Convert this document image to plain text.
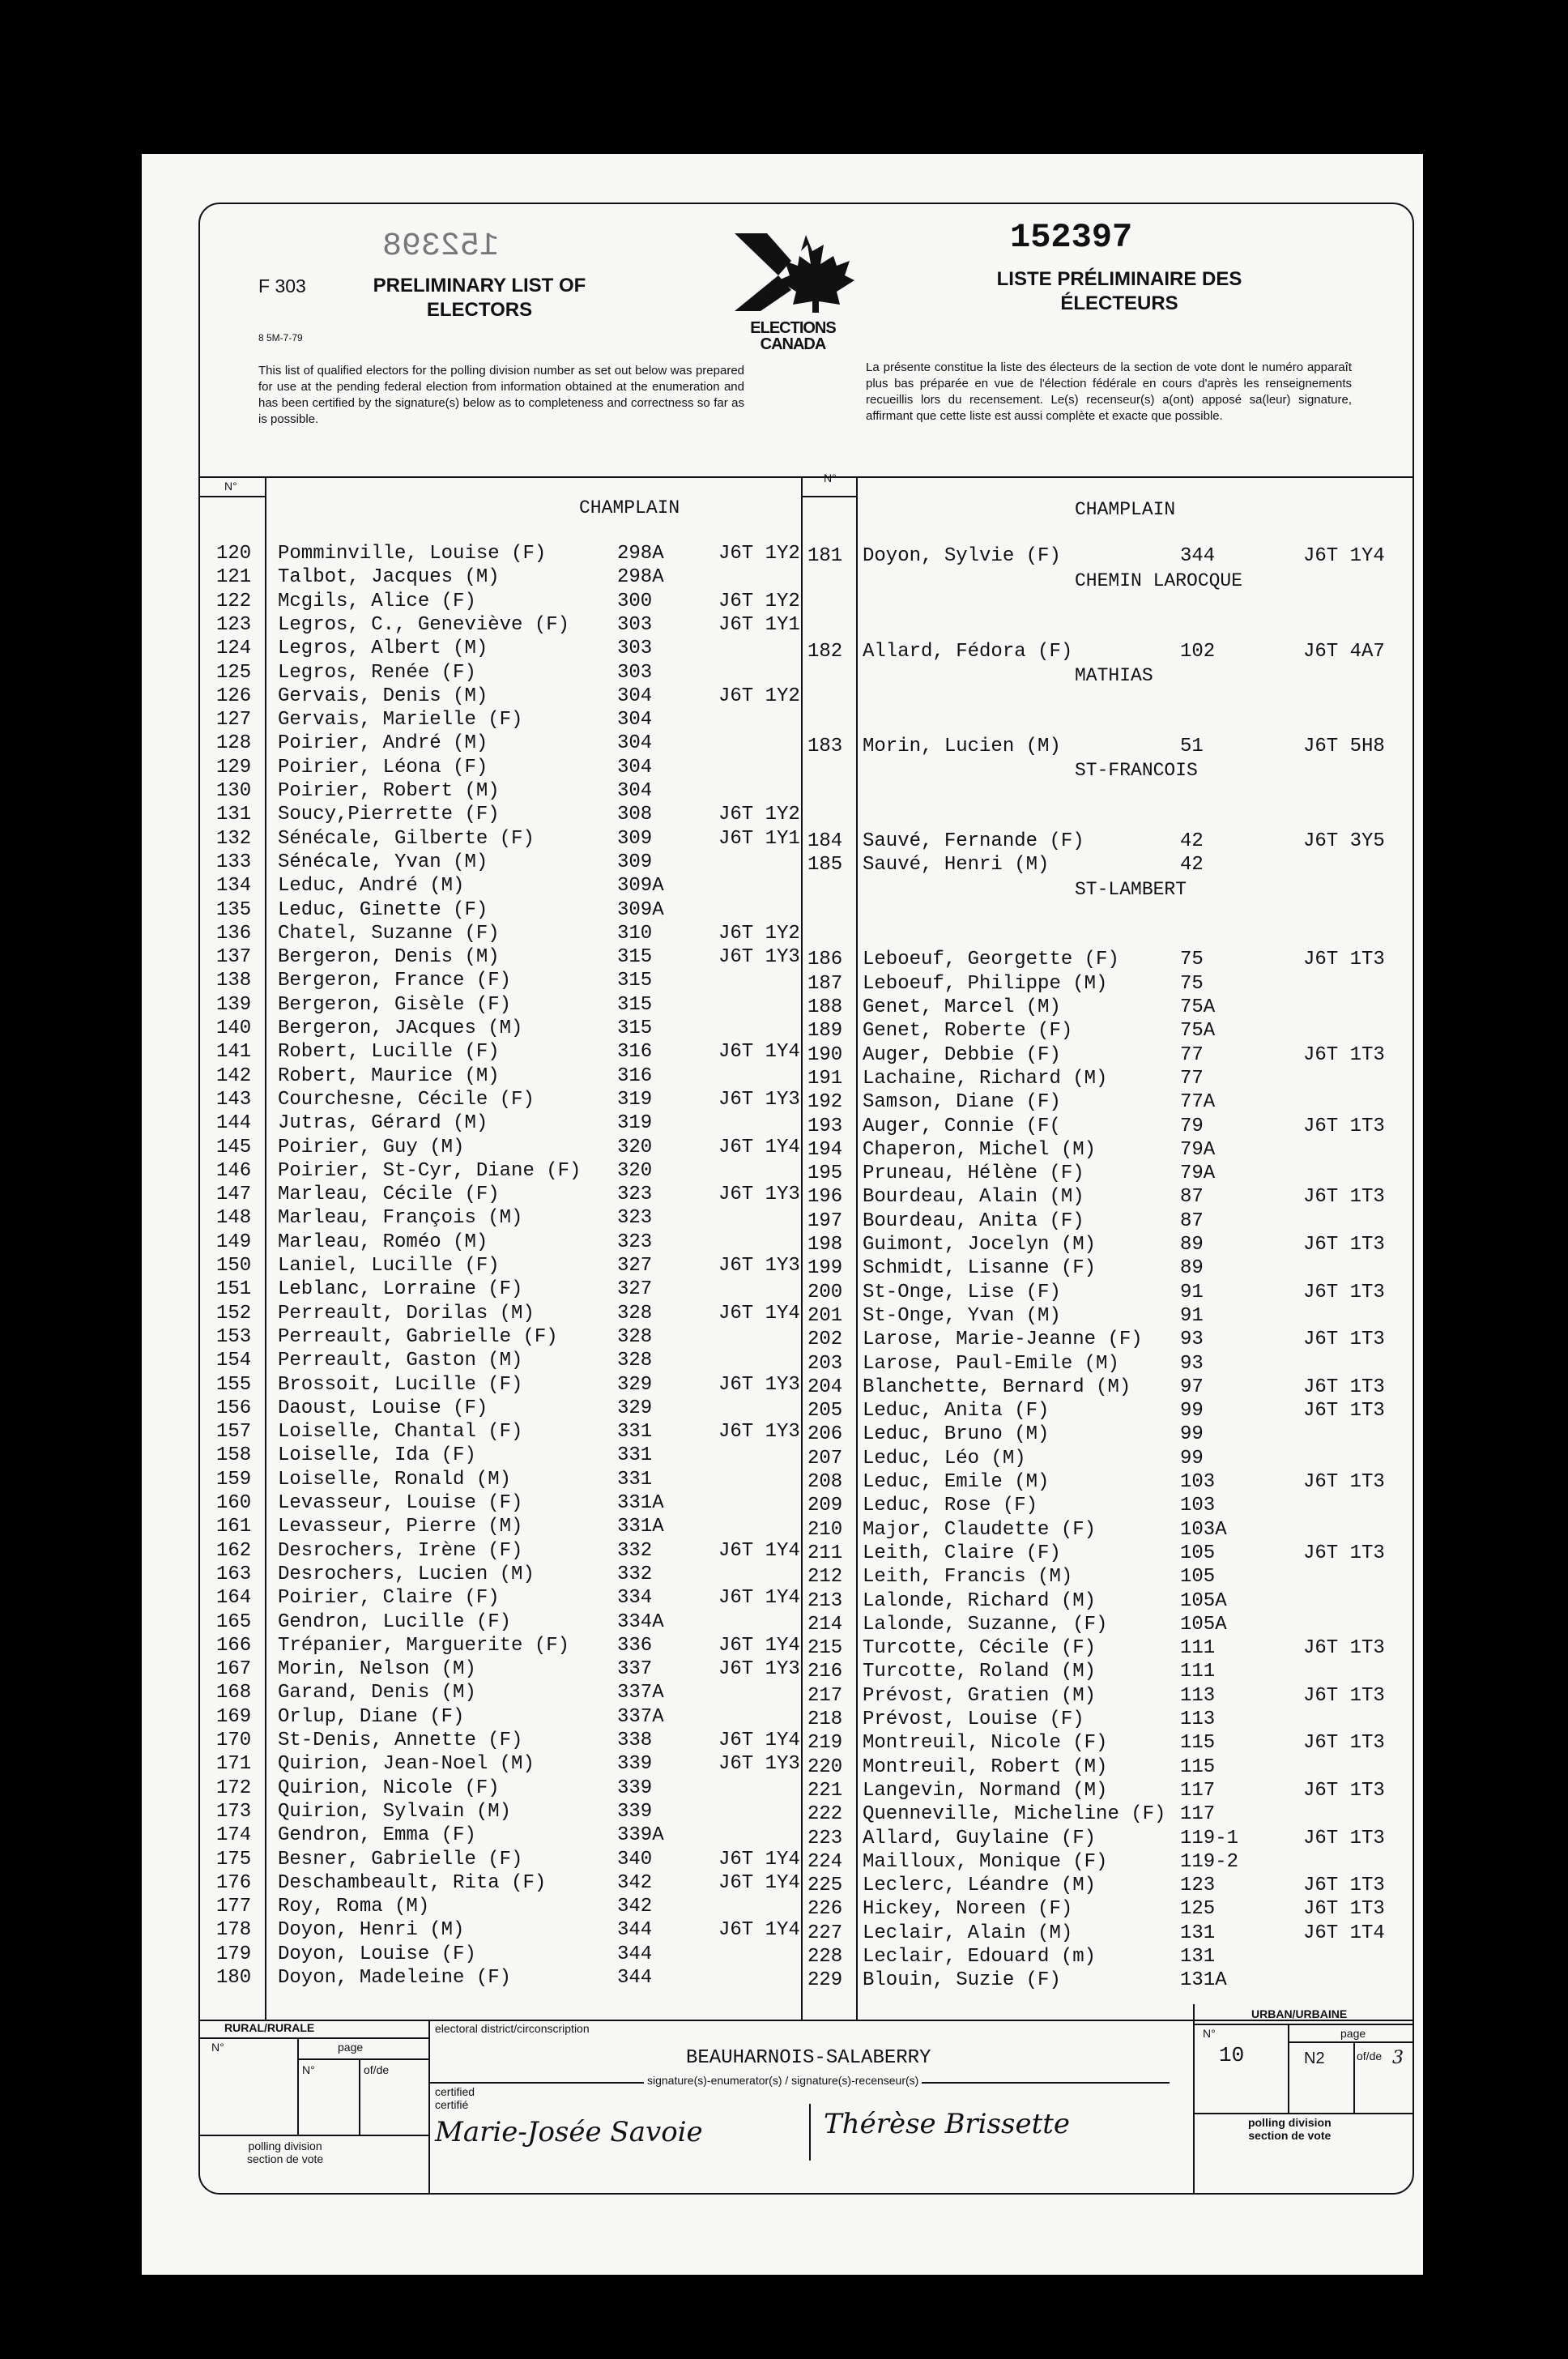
152398	152397
F 303
8 5M-7-79
PRELIMINARY LIST OF
ELECTORS
ELECTIONS
CANADA
LISTE PRÉLIMINAIRE DES
ÉLECTEURS
This list of qualified electors for the polling division number as set out below was prepared for use at the pending federal election from information obtained at the enumeration and has been certified by the signature(s) below as to completeness and correctness so far as is possible.
La présente constitue la liste des électeurs de la section de vote dont le numéro apparaît plus bas préparée en vue de l'élection fédérale en cours d'après les renseignements recueillis lors du recensement. Le(s) recenseur(s) a(ont) apposé sa(leur) signature, affirmant que cette liste est aussi complète et exacte que possible.
N°
N°
CHAMPLAIN
120 Pomminville, Louise (F)	298A	J6T 1Y2
121 Talbot, Jacques (M)	298A
122 Mcgils, Alice (F)	300	J6T 1Y2
123 Legros, C., Geneviève (F) 303	J6T 1Y1
124 Legros, Albert (M)	303
125 Legros, Renée (F)	303
126 Gervais, Denis (M)	304	J6T 1Y2
127 Gervais, Marielle (F)	304
128 Poirier, André (M)	304
129 Poirier, Léona (F)	304
130 Poirier, Robert (M)	304
131 Soucy,Pierrette (F)	308	J6T 1Y2
132 Sénécale, Gilberte (F)	309	J6T 1Y1
133 Sénécale, Yvan (M)	309
134 Leduc, André (M)	309A
135 Leduc, Ginette (F)	309A
136 Chatel, Suzanne (F)	310	J6T 1Y2
137 Bergeron, Denis (M)	315	J6T 1Y3
138 Bergeron, France (F)	315
139 Bergeron, Gisèle (F)	315
140 Bergeron, JAcques (M)	315
141 Robert, Lucille (F)	316	J6T 1Y4
142 Robert, Maurice (M)	316
143 Courchesne, Cécile (F)	319	J6T 1Y3
144 Jutras, Gérard (M)	319
145 Poirier, Guy (M)	320	J6T 1Y4
146 Poirier, St-Cyr, Diane (F) 320
147 Marleau, Cécile (F)	323	J6T 1Y3
148 Marleau, François (M)	323
149 Marleau, Roméo (M)	323
150 Laniel, Lucille (F)	327	J6T 1Y3
151 Leblanc, Lorraine (F)	327
152 Perreault, Dorilas (M)	328	J6T 1Y4
153 Perreault, Gabrielle (F)	328
154 Perreault, Gaston (M)	328
155 Brossoit, Lucille (F)	329	J6T 1Y3
156 Daoust, Louise (F)	329
157 Loiselle, Chantal (F)	331	J6T 1Y3
158 Loiselle, Ida (F)	331
159 Loiselle, Ronald (M)	331
160 Levasseur, Louise (F)	331A
161 Levasseur, Pierre (M)	331A
162 Desrochers, Irène (F)	332	J6T 1Y4
163 Desrochers, Lucien (M)	332
164 Poirier, Claire (F)	334	J6T 1Y4
165 Gendron, Lucille (F)	334A
166 Trépanier, Marguerite (F) 336	J6T 1Y4
167 Morin, Nelson (M)	337	J6T 1Y3
168 Garand, Denis (M)	337A
169 Orlup, Diane (F)	337A
170 St-Denis, Annette (F)	338	J6T 1Y4
171 Quirion, Jean-Noel (M)	339	J6T 1Y3
172 Quirion, Nicole (F)	339
173 Quirion, Sylvain (M)	339
174 Gendron, Emma (F)	339A
175 Besner, Gabrielle (F)	340	J6T 1Y4
176 Deschambeault, Rita (F)	342	J6T 1Y4
177 Roy, Roma (M)	342
178 Doyon, Henri (M)	344	J6T 1Y4
179 Doyon, Louise (F)	344
180 Doyon, Madeleine (F)	344
CHAMPLAIN
181 Doyon, Sylvie (F)	344	J6T 1Y4
CHEMIN LAROCQUE
182 Allard, Fédora (F)	102	J6T 4A7
MATHIAS
183 Morin, Lucien (M)	51	J6T 5H8
ST-FRANCOIS
184 Sauvé, Fernande (F)	42	J6T 3Y5
185 Sauvé, Henri (M)	42
ST-LAMBERT
186 Leboeuf, Georgette (F)	75	J6T 1T3
187 Leboeuf, Philippe (M)	75
188 Genet, Marcel (M)	75A
189 Genet, Roberte (F)	75A
190 Auger, Debbie (F)	77	J6T 1T3
191 Lachaine, Richard (M)	77
192 Samson, Diane (F)	77A
193 Auger, Connie (F(	79	J6T 1T3
194 Chaperon, Michel (M)	79A
195 Pruneau, Hélène (F)	79A
196 Bourdeau, Alain (M)	87	J6T 1T3
197 Bourdeau, Anita (F)	87
198 Guimont, Jocelyn (M)	89	J6T 1T3
199 Schmidt, Lisanne (F)	89
200 St-Onge, Lise (F)	91	J6T 1T3
201 St-Onge, Yvan (M)	91
202 Larose, Marie-Jeanne (F) 93	J6T 1T3
203 Larose, Paul-Emile (M)	93
204 Blanchette, Bernard (M)	97	J6T 1T3
205 Leduc, Anita (F)	99	J6T 1T3
206 Leduc, Bruno (M)	99
207 Leduc, Léo (M)	99
208 Leduc, Emile (M)	103	J6T 1T3
209 Leduc, Rose (F)	103
210 Major, Claudette (F)	103A
211 Leith, Claire (F)	105	J6T 1T3
212 Leith, Francis (M)	105
213 Lalonde, Richard (M)	105A
214 Lalonde, Suzanne, (F)	105A
215 Turcotte, Cécile (F)	111	J6T 1T3
216 Turcotte, Roland (M)	111
217 Prévost, Gratien (M)	113	J6T 1T3
218 Prévost, Louise (F)	113
219 Montreuil, Nicole (F)	115	J6T 1T3
220 Montreuil, Robert (M)	115
221 Langevin, Normand (M)	117	J6T 1T3
222 Quenneville, Micheline (F) 117
223 Allard, Guylaine (F)	119-1	J6T 1T3
224 Mailloux, Monique (F)	119-2
225 Leclerc, Léandre (M)	123	J6T 1T3
226 Hickey, Noreen (F)	125	J6T 1T3
227 Leclair, Alain (M)	131	J6T 1T4
228 Leclair, Edouard (m)	131
229 Blouin, Suzie (F)	131A
RURAL/RURALE
N°	page
N°	of/de
polling division
section de vote
electoral district/circonscription
BEAUHARNOIS-SALABERRY
certified
certifié
signature(s)-enumerator(s) / signature(s)-recenseur(s)
Marie-Josée Savoie	Thérèse Brissette
URBAN/URBAINE
N°
10
page
N2	of/de 3
polling division
section de vote
